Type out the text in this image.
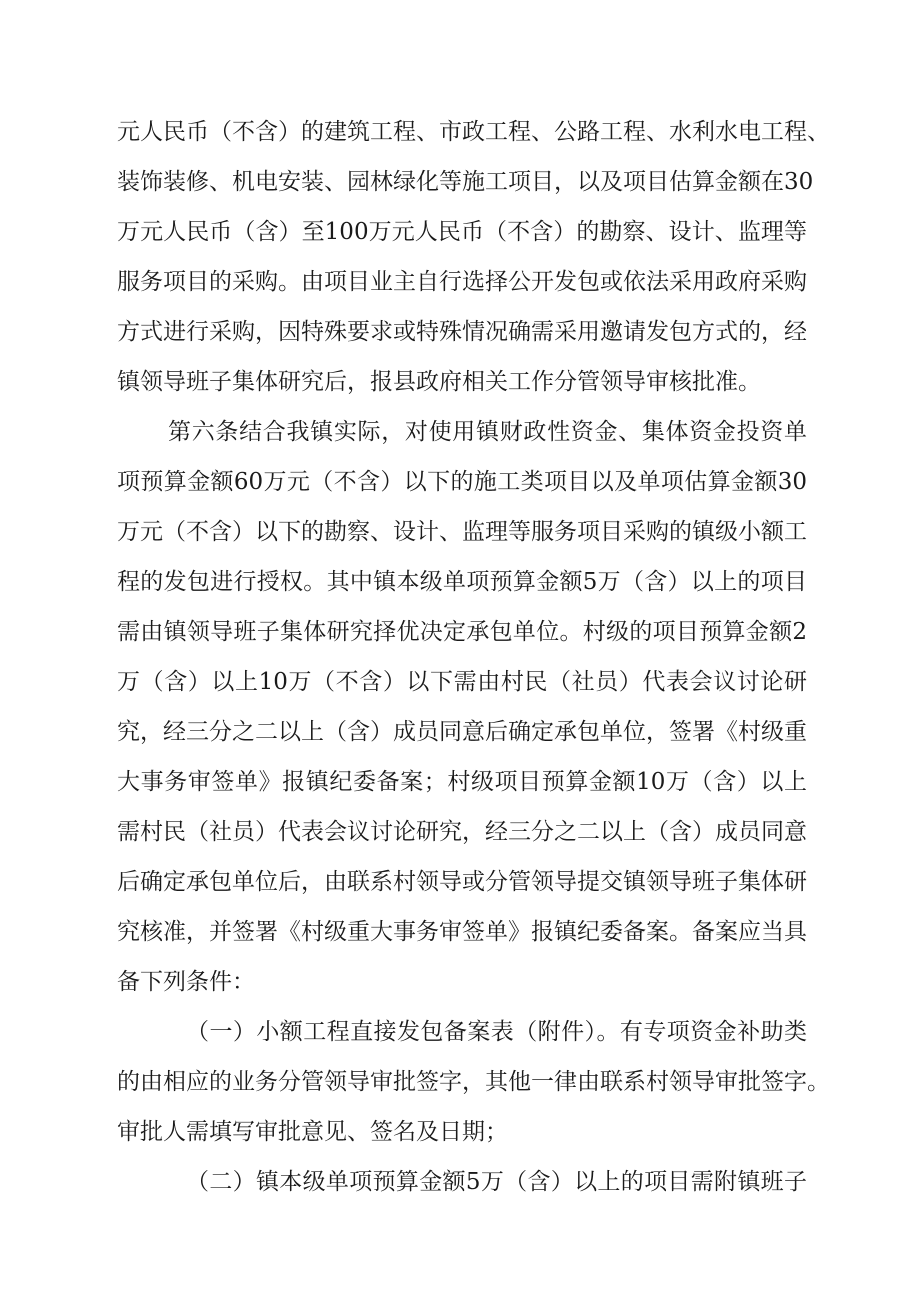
元人民币（不含）的建筑工程、市政工程、公路工程、水利水电工程、
装饰装修、机电安装、园林绿化等施工项目，以及项目估算金额在30
万元人民币（含）至100万元人民币（不含）的勘察、设计、监理等
服务项目的采购。由项目业主自行选择公开发包或依法采用政府采购
方式进行采购，因特殊要求或特殊情况确需采用邀请发包方式的，经
镇领导班子集体研究后，报县政府相关工作分管领导审核批准。
第六条结合我镇实际，对使用镇财政性资金、集体资金投资单
项预算金额60万元（不含）以下的施工类项目以及单项估算金额30
万元（不含）以下的勘察、设计、监理等服务项目采购的镇级小额工
程的发包进行授权。其中镇本级单项预算金额5万（含）以上的项目
需由镇领导班子集体研究择优决定承包单位。村级的项目预算金额2
万（含）以上10万（不含）以下需由村民（社员）代表会议讨论研
究，经三分之二以上（含）成员同意后确定承包单位，签署《村级重
大事务审签单》报镇纪委备案；村级项目预算金额10万（含）以上
需村民（社员）代表会议讨论研究，经三分之二以上（含）成员同意
后确定承包单位后，由联系村领导或分管领导提交镇领导班子集体研
究核准，并签署《村级重大事务审签单》报镇纪委备案。备案应当具
备下列条件：
（一）小额工程直接发包备案表（附件）。有专项资金补助类
的由相应的业务分管领导审批签字，其他一律由联系村领导审批签字。
审批人需填写审批意见、签名及日期；
（二）镇本级单项预算金额5万（含）以上的项目需附镇班子
